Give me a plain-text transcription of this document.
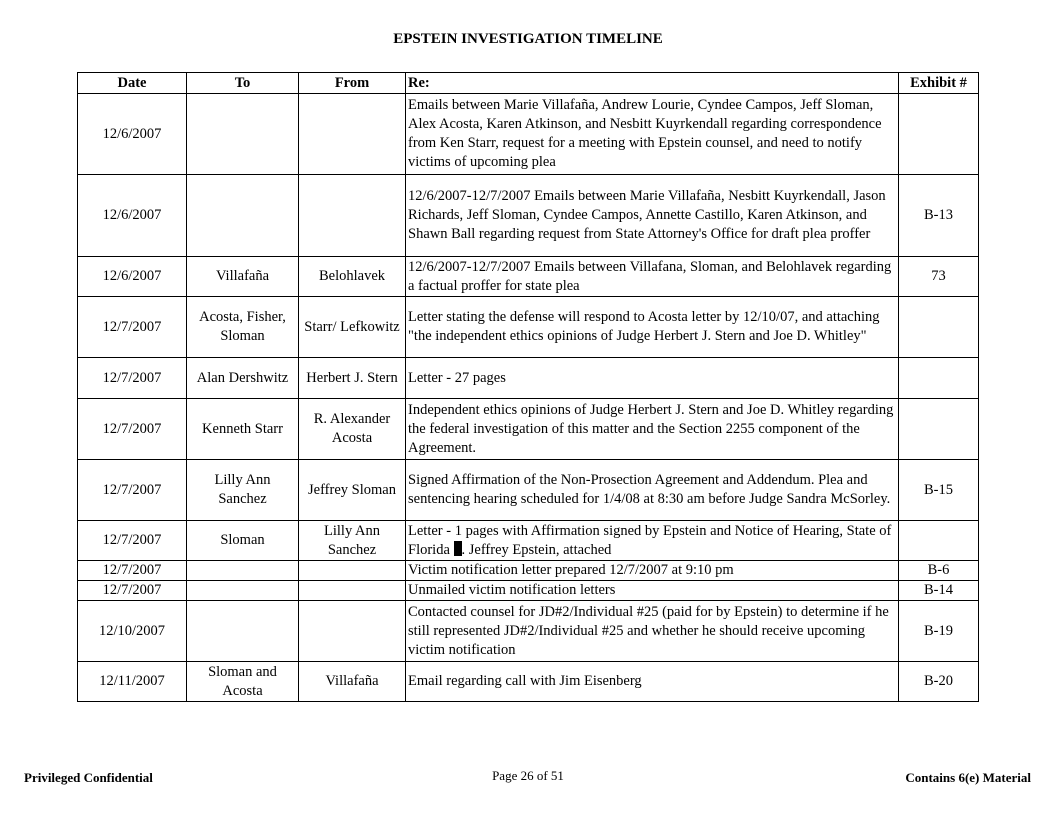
EPSTEIN INVESTIGATION TIMELINE
Date	To	From	Re:	Exhibit #
12/6/2007			Emails between Marie Villafaña, Andrew Lourie, Cyndee Campos, Jeff Sloman, Alex Acosta, Karen Atkinson, and Nesbitt Kuyrkendall regarding correspondence from Ken Starr, request for a meeting with Epstein counsel, and need to notify victims of upcoming plea	
12/6/2007			12/6/2007-12/7/2007 Emails between Marie Villafaña, Nesbitt Kuyrkendall, Jason Richards, Jeff Sloman, Cyndee Campos, Annette Castillo, Karen Atkinson, and Shawn Ball regarding request from State Attorney's Office for draft plea proffer	B-13
12/6/2007	Villafaña	Belohlavek	12/6/2007-12/7/2007 Emails between Villafana, Sloman, and Belohlavek regarding a factual proffer for state plea	73
12/7/2007	Acosta, Fisher, Sloman	Starr/ Lefkowitz	Letter stating the defense will respond to Acosta letter by 12/10/07, and attaching "the independent ethics opinions of Judge Herbert J. Stern and Joe D. Whitley"	
12/7/2007	Alan Dershwitz	Herbert J. Stern	Letter - 27 pages	
12/7/2007	Kenneth Starr	R. Alexander Acosta	Independent ethics opinions of Judge Herbert J. Stern and Joe D. Whitley regarding the federal investigation of this matter and the Section 2255 component of the Agreement.	
12/7/2007	Lilly Ann Sanchez	Jeffrey Sloman	Signed Affirmation of the Non-Prosection Agreement and Addendum. Plea and sentencing hearing scheduled for 1/4/08 at 8:30 am before Judge Sandra McSorley.	B-15
12/7/2007	Sloman	Lilly Ann Sanchez	Letter - 1 pages with Affirmation signed by Epstein and Notice of Hearing, State of Florida . Jeffrey Epstein, attached	
12/7/2007			Victim notification letter prepared 12/7/2007 at 9:10 pm	B-6
12/7/2007			Unmailed victim notification letters	B-14
12/10/2007			Contacted counsel for JD#2/Individual #25 (paid for by Epstein) to determine if he still represented JD#2/Individual #25 and whether he should receive upcoming victim notification	B-19
12/11/2007	Sloman and Acosta	Villafaña	Email regarding call with Jim Eisenberg	B-20
Privileged Confidential	Page 26 of 51	Contains 6(e) Material
